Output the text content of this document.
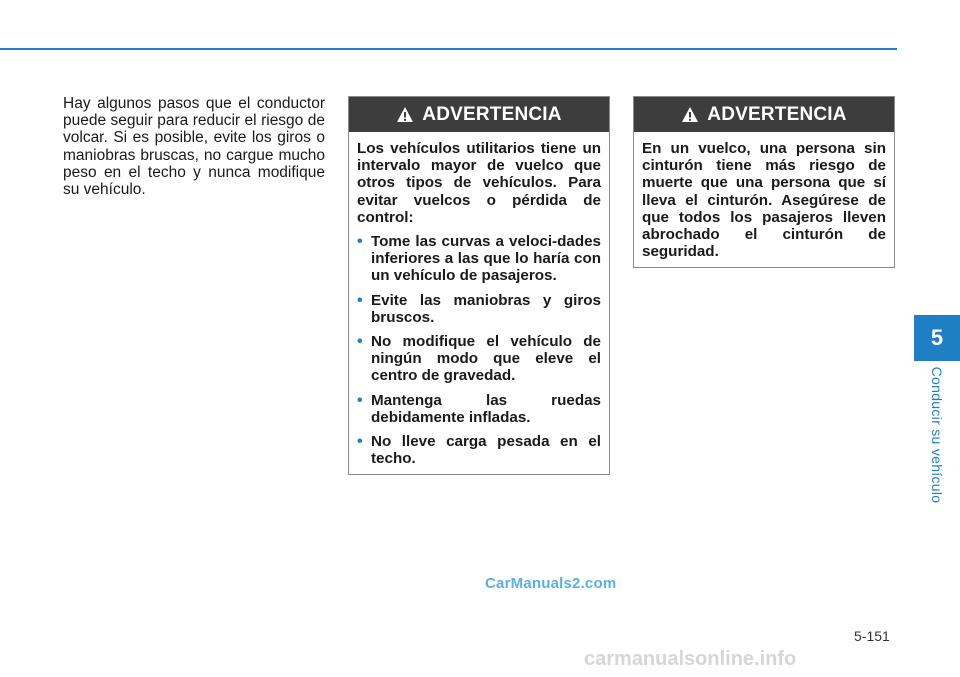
Hay algunos pasos que el conductor puede seguir para reducir el riesgo de volcar. Si es posible, evite los giros o maniobras bruscas, no cargue mucho peso en el techo y nunca modifique su vehículo.

ADVERTENCIA

Los vehículos utilitarios tiene un intervalo mayor de vuelco que otros tipos de vehículos. Para evitar vuelcos o pérdida de control:

• Tome las curvas a veloci-dades inferiores a las que lo haría con un vehículo de pasajeros.
• Evite las maniobras y giros bruscos.
• No modifique el vehículo de ningún modo que eleve el centro de gravedad.
• Mantenga las ruedas debidamente infladas.
• No lleve carga pesada en el techo.
ADVERTENCIA

En un vuelco, una persona sin cinturón tiene más riesgo de muerte que una persona que sí lleva el cinturón. Asegúrese de que todos los pasajeros lleven abrochado el cinturón de seguridad.

5
Conducir su vehículo
5-151
CarManuals2.com
carmanualsonline.info
